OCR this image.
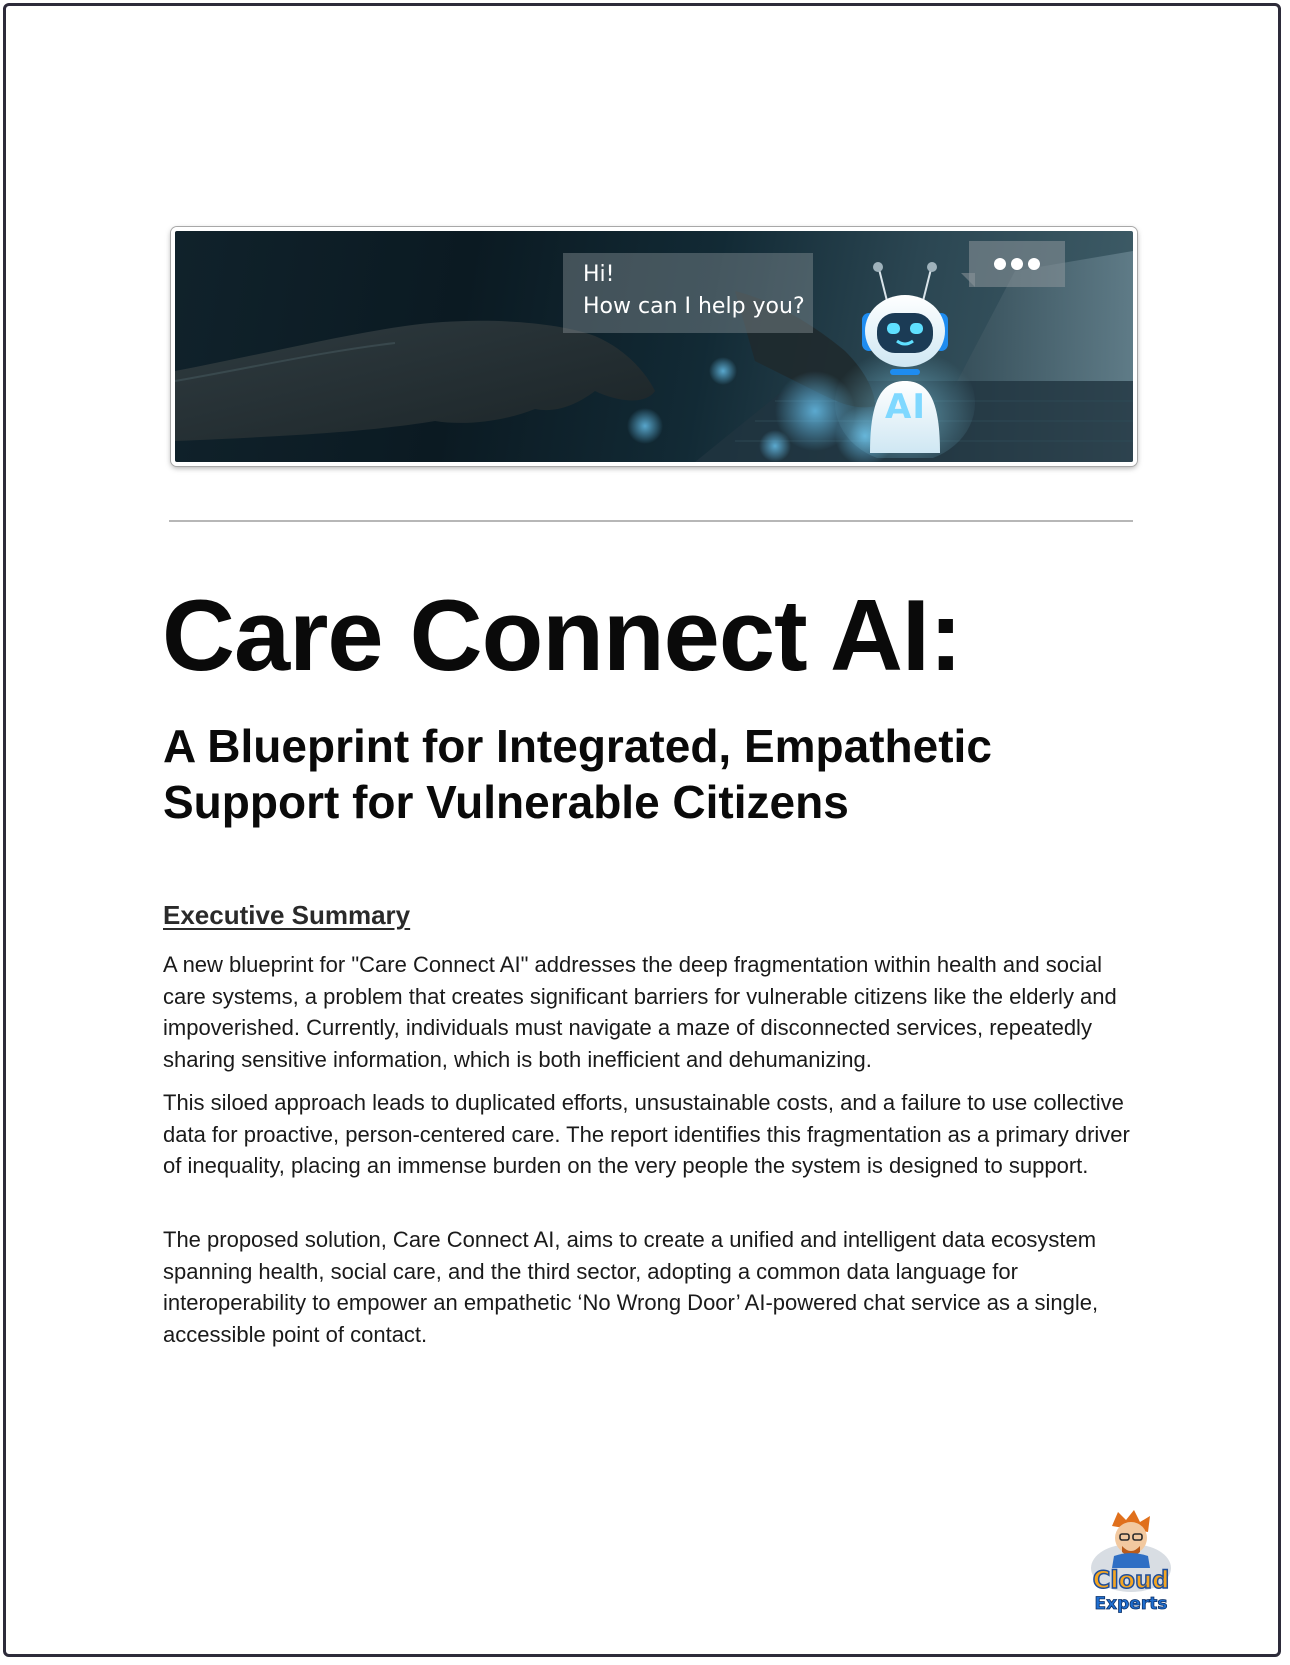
Hi!
How can I help you?
AI
Care Connect AI:
A Blueprint for Integrated, Empathetic Support for Vulnerable Citizens
Executive Summary

A new blueprint for "Care Connect AI" addresses the deep fragmentation within health and social care systems, a problem that creates significant barriers for vulnerable citizens like the elderly and impoverished. Currently, individuals must navigate a maze of disconnected services, repeatedly sharing sensitive information, which is both inefficient and dehumanizing.

This siloed approach leads to duplicated efforts, unsustainable costs, and a failure to use collective data for proactive, person-centered care. The report identifies this fragmentation as a primary driver of inequality, placing an immense burden on the very people the system is designed to support.

The proposed solution, Care Connect AI, aims to create a unified and intelligent data ecosystem spanning health, social care, and the third sector, adopting a common data language for interoperability to empower an empathetic ‘No Wrong Door’ AI-powered chat service as a single, accessible point of contact.

Cloud
Experts
